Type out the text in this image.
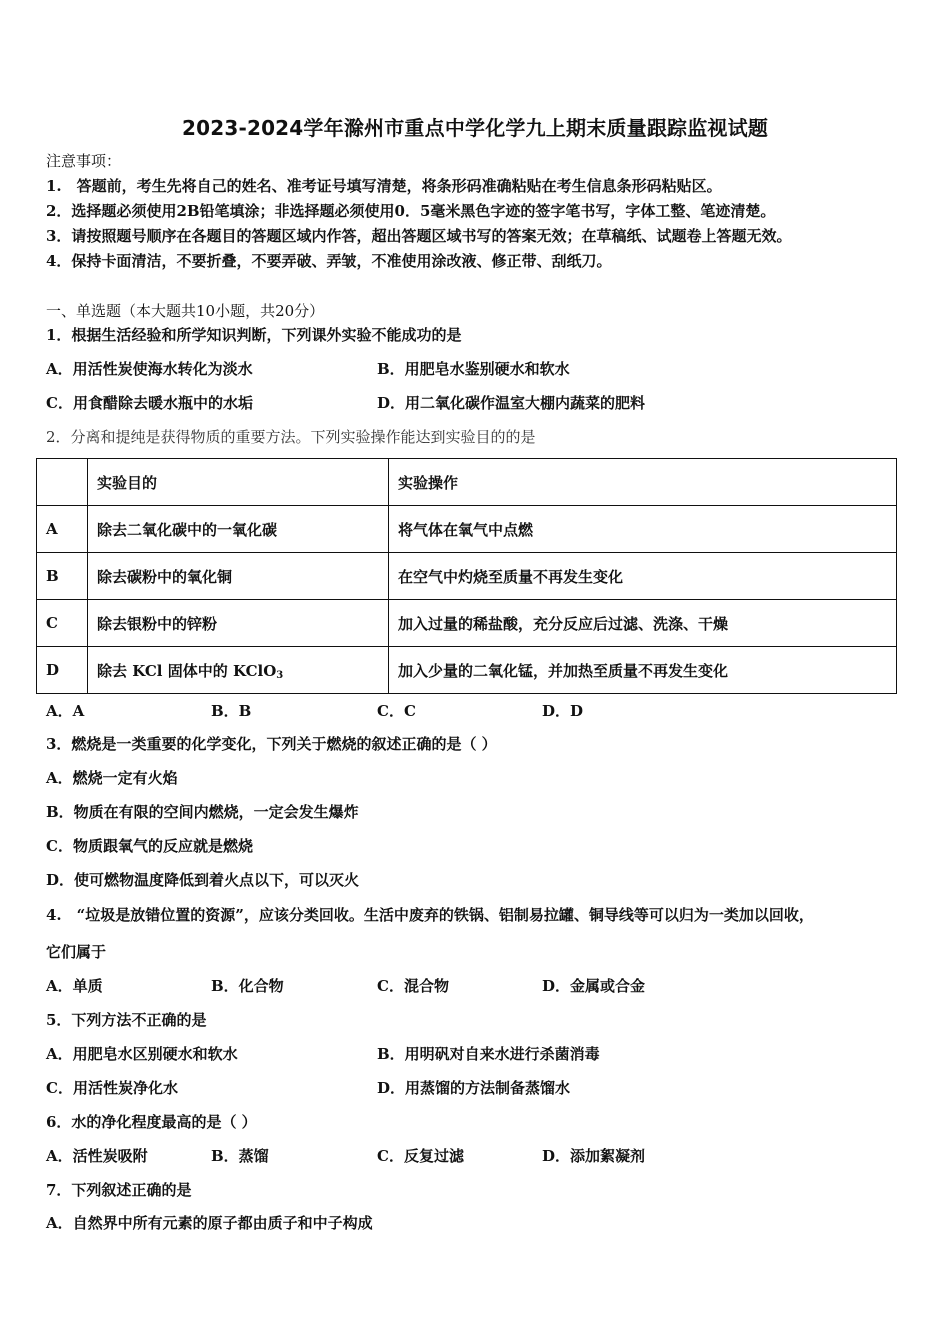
2023-2024学年滁州市重点中学化学九上期末质量跟踪监视试题
注意事项：
1.　答题前，考生先将自己的姓名、准考证号填写清楚，将条形码准确粘贴在考生信息条形码粘贴区。
2．选择题必须使用2B铅笔填涂；非选择题必须使用0．5毫米黑色字迹的签字笔书写，字体工整、笔迹清楚。
3．请按照题号顺序在各题目的答题区域内作答，超出答题区域书写的答案无效；在草稿纸、试题卷上答题无效。
4．保持卡面清洁，不要折叠，不要弄破、弄皱，不准使用涂改液、修正带、刮纸刀。
一、单选题（本大题共10小题，共20分）
1．根据生活经验和所学知识判断，下列课外实验不能成功的是
A．用活性炭使海水转化为淡水	B．用肥皂水鉴别硬水和软水
C．用食醋除去暖水瓶中的水垢	D．用二氧化碳作温室大棚内蔬菜的肥料
2．分离和提纯是获得物质的重要方法。下列实验操作能达到实验目的的是
	实验目的	实验操作
A	除去二氧化碳中的一氧化碳	将气体在氧气中点燃
B	除去碳粉中的氧化铜	在空气中灼烧至质量不再发生变化
C	除去银粉中的锌粉	加入过量的稀盐酸，充分反应后过滤、洗涤、干燥
D	除去 KCl 固体中的 KClO$_3$	加入少量的二氧化锰，并加热至质量不再发生变化
A．A	B．B	C．C	D．D
3．燃烧是一类重要的化学变化，下列关于燃烧的叙述正确的是（ ）
A．燃烧一定有火焰
B．物质在有限的空间内燃烧，一定会发生爆炸
C．物质跟氧气的反应就是燃烧
D．使可燃物温度降低到着火点以下，可以灭火
4.　“垃圾是放错位置的资源”，应该分类回收。生活中废弃的铁锅、铝制易拉罐、铜导线等可以归为一类加以回收，
它们属于
A．单质	B．化合物	C．混合物	D．金属或合金
5．下列方法不正确的是
A．用肥皂水区别硬水和软水	B．用明矾对自来水进行杀菌消毒
C．用活性炭净化水	D．用蒸馏的方法制备蒸馏水
6．水的净化程度最高的是（ ）
A．活性炭吸附	B．蒸馏	C．反复过滤	D．添加絮凝剂
7．下列叙述正确的是
A．自然界中所有元素的原子都由质子和中子构成
